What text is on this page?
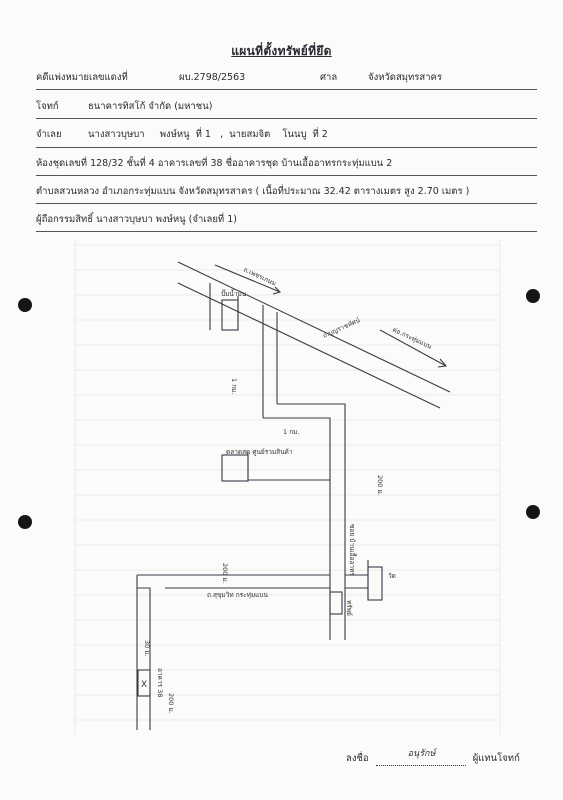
แผนที่ตั้งทรัพย์ที่ยึด
คดีแพ่งหมายเลขแดงที่	ผบ.2798/2563	ศาล	จังหวัดสมุทรสาคร
โจทก์	ธนาคารทิสโก้ จำกัด (มหาชน)
จำเลย	นางสาวบุษบา     พงษ์หนู  ที่ 1   ,  นายสมจิต    โนนบู  ที่ 2
ห้องชุดเลขที่ 128/32 ชั้นที่ 4 อาคารเลขที่ 38 ชื่ออาคารชุด บ้านเอื้ออาทรกระทุ่มแบน 2
ตำบลสวนหลวง อำเภอกระทุ่มแบน จังหวัดสมุทรสาคร ( เนื้อที่ประมาณ 32.42 ตารางเมตร สูง 2.70 เมตร )
ผู้ถือกรรมสิทธิ์ นางสาวบุษบา พงษ์หนู (จำเลยที่ 1)
ถ.เพชรเกษม
ถ.บุญราชทัศน์	ต่อ.กระทุ่มแบน
ปั๊มน้ำมัน
1 กม.
1 กม.
ตลาดสด ศูนย์รวมสินค้า
200 ม.
ซอย บ้านเอื้ออาทร
200 ม.	วัด
ถ.สุขุมวิท กระทุ่มแบน
ทรัพย์
30 ม.
อาคาร 38
200 ม.
X
ลงชื่อ	อนุรักษ์	ผู้แทนโจทก์
